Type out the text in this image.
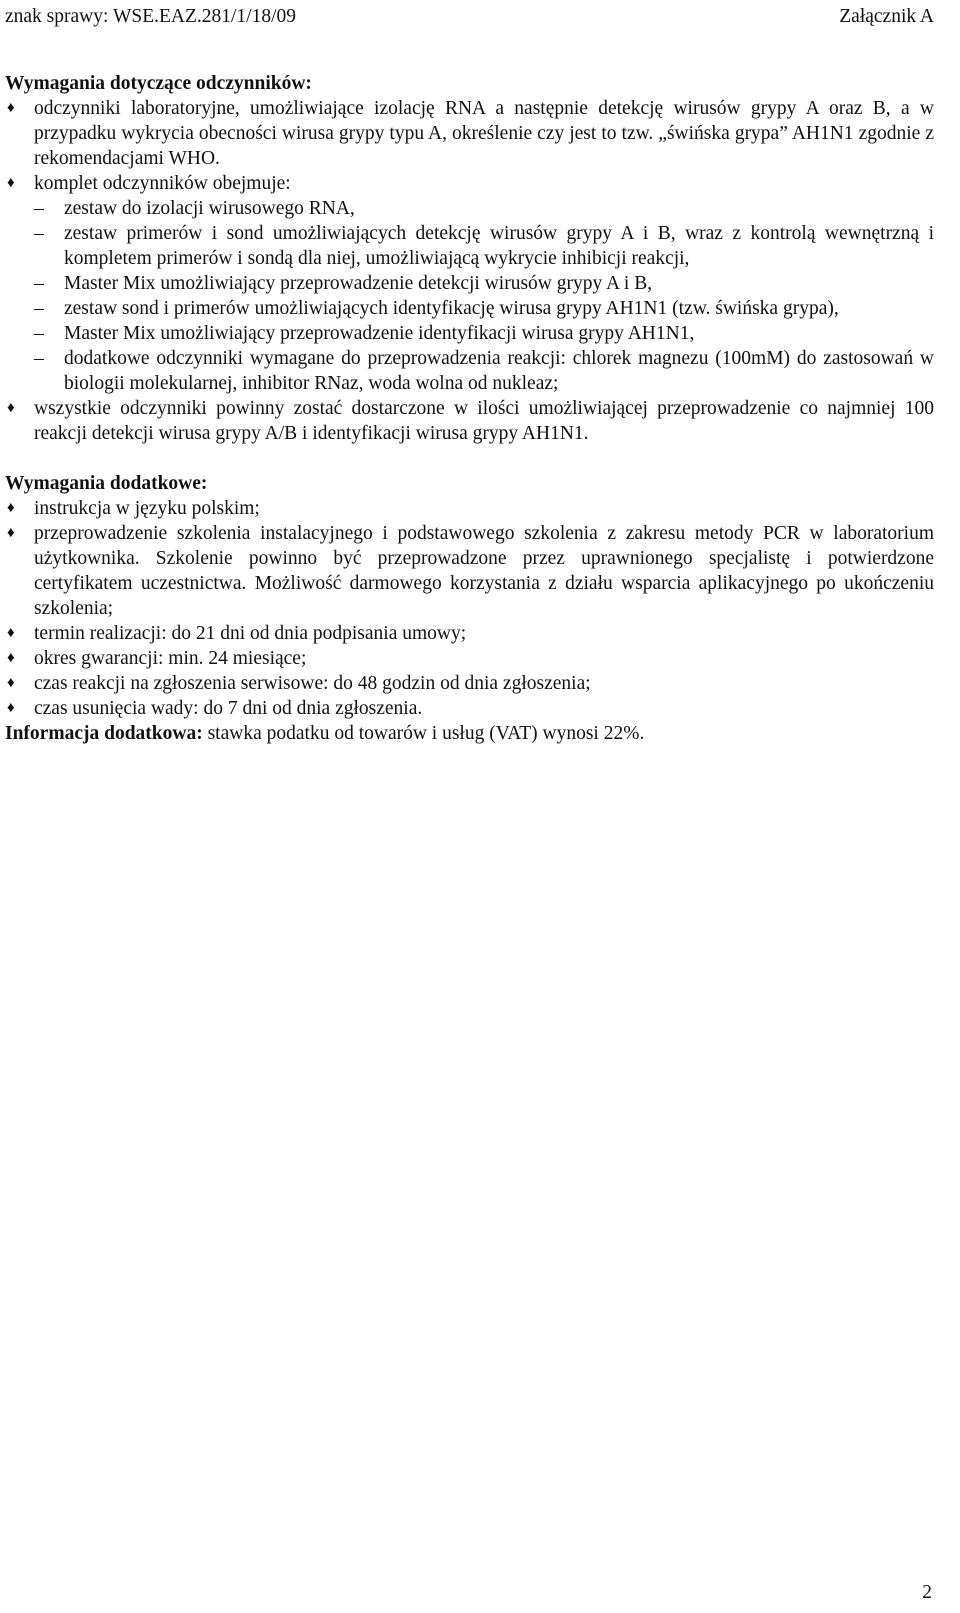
znak sprawy: WSE.EAZ.281/1/18/09	Załącznik A

Wymagania dotyczące odczynników:

♦ odczynniki laboratoryjne, umożliwiające izolację RNA a następnie detekcję wirusów grypy A oraz B, a w przypadku wykrycia obecności wirusa grypy typu A, określenie czy jest to tzw. „świńska grypa” AH1N1 zgodnie z rekomendacjami WHO.
♦ komplet odczynników obejmuje:
– zestaw do izolacji wirusowego RNA,
– zestaw primerów i sond umożliwiających detekcję wirusów grypy A i B, wraz z kontrolą wewnętrzną i kompletem primerów i sondą dla niej, umożliwiającą wykrycie inhibicji reakcji,
– Master Mix umożliwiający przeprowadzenie detekcji wirusów grypy A i B,
– zestaw sond i primerów umożliwiających identyfikację wirusa grypy AH1N1 (tzw. świńska grypa),
– Master Mix umożliwiający przeprowadzenie identyfikacji wirusa grypy AH1N1,
– dodatkowe odczynniki wymagane do przeprowadzenia reakcji: chlorek magnezu (100mM) do zastosowań w biologii molekularnej, inhibitor RNaz, woda wolna od nukleaz;
♦ wszystkie odczynniki powinny zostać dostarczone w ilości umożliwiającej przeprowadzenie co najmniej 100 reakcji detekcji wirusa grypy A/B i identyfikacji wirusa grypy AH1N1.

Wymagania dodatkowe:

♦ instrukcja w języku polskim;
♦ przeprowadzenie szkolenia instalacyjnego i podstawowego szkolenia z zakresu metody PCR w laboratorium użytkownika. Szkolenie powinno być przeprowadzone przez uprawnionego specjalistę i potwierdzone certyfikatem uczestnictwa. Możliwość darmowego korzystania z działu wsparcia aplikacyjnego po ukończeniu szkolenia;
♦ termin realizacji: do 21 dni od dnia podpisania umowy;
♦ okres gwarancji: min. 24 miesiące;
♦ czas reakcji na zgłoszenia serwisowe: do 48 godzin od dnia zgłoszenia;
♦ czas usunięcia wady: do 7 dni od dnia zgłoszenia.

Informacja dodatkowa: stawka podatku od towarów i usług (VAT) wynosi 22%.

2
